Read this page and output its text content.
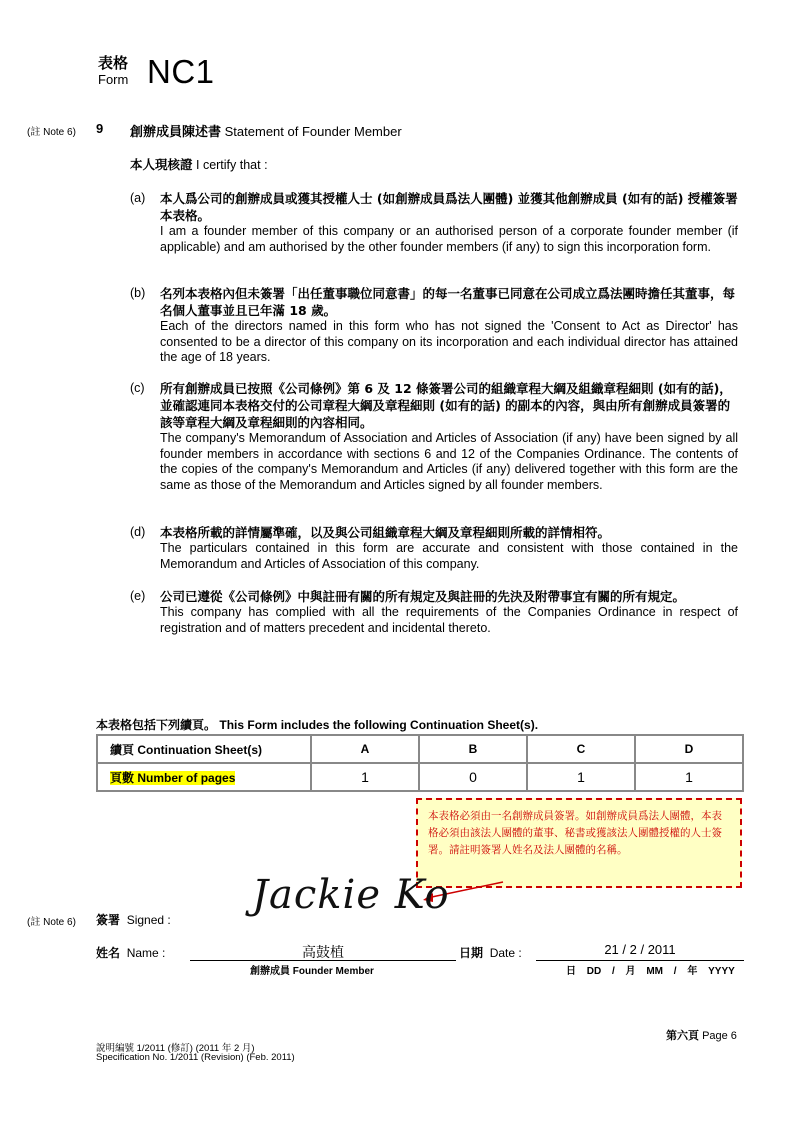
表格
Form NC1
(註 Note 6) 9 創辦成員陳述書 Statement of Founder Member
本人現核證 I certify that :
(a) 本人爲公司的創辦成員或獲其授權人士 (如創辦成員爲法人團體) 並獲其他創辦成員 (如有的話) 授權簽署本表格。
I am a founder member of this company or an authorised person of a corporate founder member (if applicable) and am authorised by the other founder members (if any) to sign this incorporation form.
(b) 名列本表格內但未簽署「出任董事職位同意書」的每一名董事已同意在公司成立爲法團時擔任其董事，每名個人董事並且已年滿 18 歲。
Each of the directors named in this form who has not signed the 'Consent to Act as Director' has consented to be a director of this company on its incorporation and each individual director has attained the age of 18 years.
(c) 所有創辦成員已按照《公司條例》第 6 及 12 條簽署公司的組織章程大綱及組織章程細則 (如有的話)，並確認連同本表格交付的公司章程大綱及章程細則 (如有的話) 的副本的內容，與由所有創辦成員簽署的該等章程大綱及章程細則的內容相同。
The company's Memorandum of Association and Articles of Association (if any) have been signed by all founder members in accordance with sections 6 and 12 of the Companies Ordinance. The contents of the copies of the company's Memorandum and Articles (if any) delivered together with this form are the same as those of the Memorandum and Articles signed by all founder members.
(d) 本表格所載的詳情屬準確，以及與公司組織章程大綱及章程細則所載的詳情相符。
The particulars contained in this form are accurate and consistent with those contained in the Memorandum and Articles of Association of this company.
(e) 公司已遵從《公司條例》中與註冊有關的所有規定及與註冊的先決及附帶事宜有關的所有規定。
This company has complied with all the requirements of the Companies Ordinance in respect of registration and of matters precedent and incidental thereto.
本表格包括下列續頁。 This Form includes the following Continuation Sheet(s).
續頁 Continuation Sheet(s)	A	B	C	D
頁數 Number of pages	1	0	1	1
本表格必須由一名創辦成員簽署。如創辦成員爲法人團體，本表格必須由該法人團體的董事、秘書或獲該法人團體授權的人士簽署。請註明簽署人姓名及法人團體的名稱。
(註 Note 6) 簽署 Signed :
Jackie Ko
姓名 Name :	高鼓植
創辦成員 Founder Member
日期 Date :	21 / 2 / 2011
日 DD / 月 MM / 年 YYYY
第六頁 Page 6
說明編號 1/2011 (修訂) (2011 年 2 月)
Specification No. 1/2011 (Revision) (Feb. 2011)
